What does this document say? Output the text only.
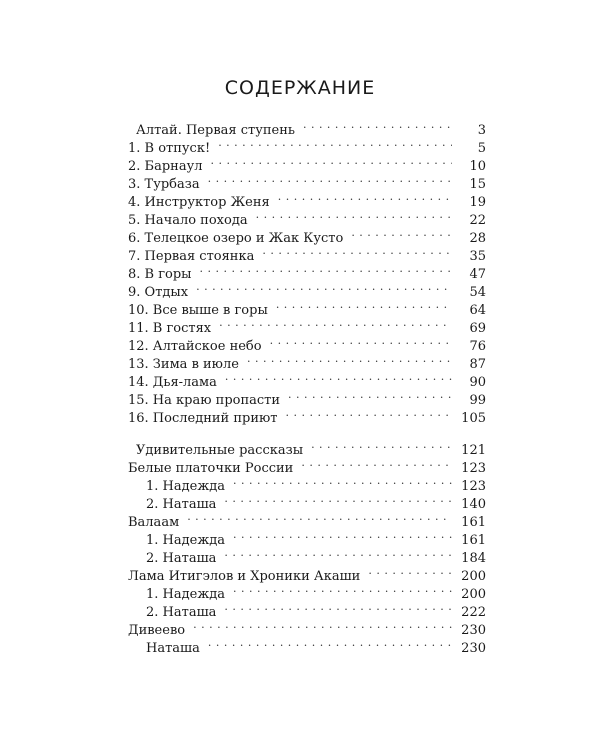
СОДЕРЖАНИЕ
Алтай. Первая ступень . . .	3
1. В отпуск! . . .	5
2. Барнаул . . .	10
3. Турбаза . . .	15
4. Инструктор Женя . . .	19
5. Начало похода . . .	22
6. Телецкое озеро и Жак Кусто . . .	28
7. Первая стоянка . . .	35
8. В горы . . .	47
9. Отдых . . .	54
10. Все выше в горы . . .	64
11. В гостях . . .	69
12. Алтайское небо . . .	76
13. Зима в июле . . .	87
14. Дья-лама . . .	90
15. На краю пропасти . . .	99
16. Последний приют . . .	105
Удивительные рассказы . . .	121
Белые платочки России . . .	123
1. Надежда . . .	123
2. Наташа . . .	140
Валаам . . .	161
1. Надежда . . .	161
2. Наташа . . .	184
Лама Итигэлов и Хроники Акаши . . .	200
1. Надежда . . .	200
2. Наташа . . .	222
Дивеево . . .	230
Наташа . . .	230
